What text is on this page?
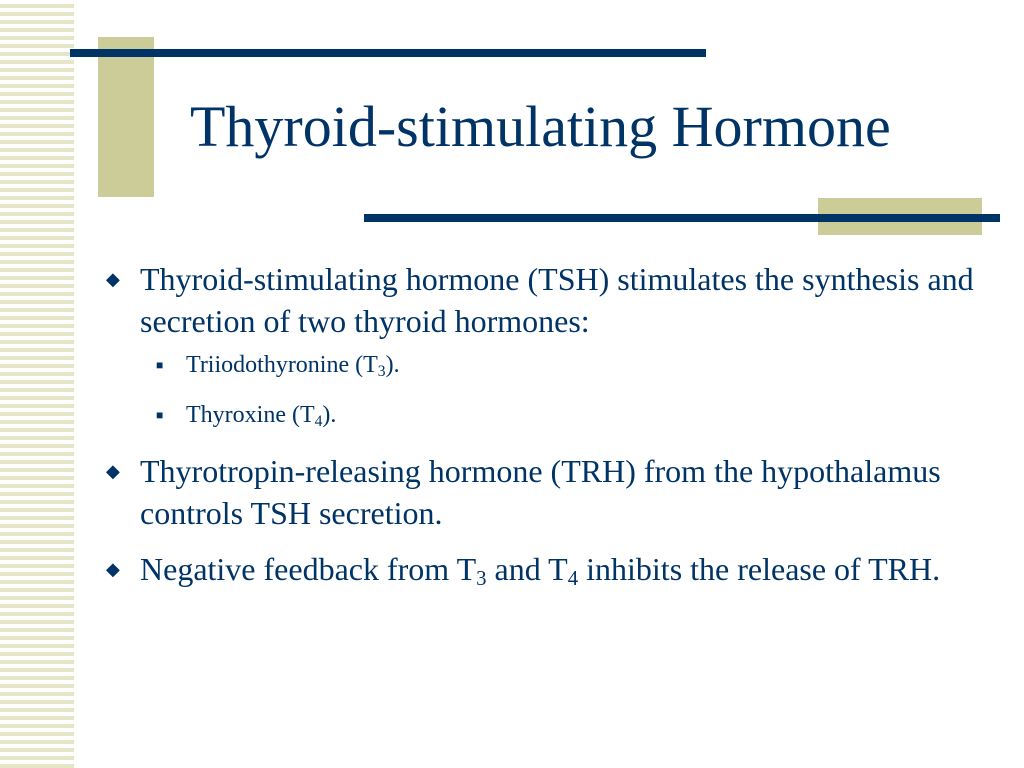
Thyroid-stimulating Hormone
◆ Thyroid-stimulating hormone (TSH) stimulates the synthesis and secretion of two thyroid hormones:
■ Triiodothyronine $(T_3)$.
■ Thyroxine $(T_4)$.
◆ Thyrotropin-releasing hormone (TRH) from the hypothalamus controls TSH secretion.
◆ Negative feedback from $T_3$ and $T_4$ inhibits the release of TRH.
